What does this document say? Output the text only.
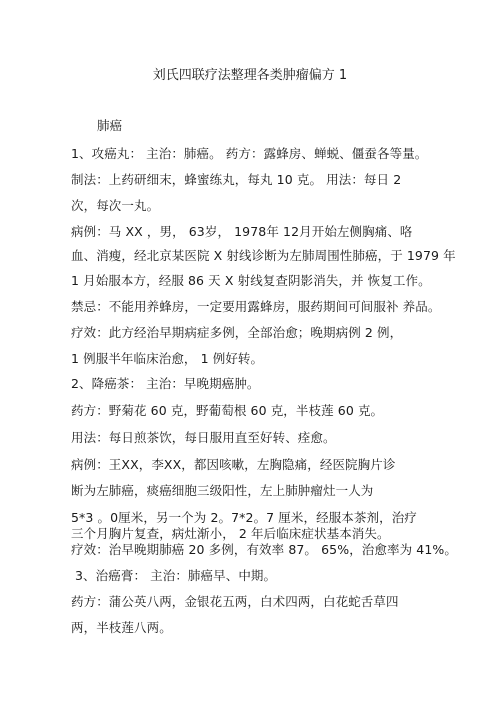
刘氏四联疗法整理各类肿瘤偏方 1
肺癌
1、攻癌丸： 主治：肺癌。 药方：露蜂房、蝉蜕、僵蚕各等量。
制法：上药研细末，蜂蜜练丸，每丸 10 克。 用法：每日 2
次，每次一丸。
病例：马 XX ，男， 63岁， 1978年 12月开始左侧胸痛、咯
血、消瘦，经北京某医院 X 射线诊断为左肺周围性肺癌，于 1979 年
1 月始服本方，经服 86 天 X 射线复查阴影消失，并 恢复工作。
禁忌：不能用养蜂房，一定要用露蜂房，服药期间可间服补 养品。
疗效：此方经治早期病症多例，全部治愈；晚期病例 2 例，
1 例服半年临床治愈， 1 例好转。
2、降癌茶： 主治：早晚期癌肿。
药方：野菊花 60 克，野葡萄根 60 克，半枝莲 60 克。
用法：每日煎茶饮，每日服用直至好转、痊愈。
病例：王XX，李XX，都因咳嗽，左胸隐痛，经医院胸片诊
断为左肺癌，痰癌细胞三级阳性，左上肺肿瘤灶一人为
5*3 。0厘米，另一个为 2。7*2。7 厘米，经服本茶剂，治疗
三个月胸片复查，病灶渐小， 2 年后临床症状基本消失。
疗效：治早晚期肺癌 20 多例，有效率 87。 65%，治愈率为 41%。
3、治癌膏： 主治：肺癌早、中期。
药方：蒲公英八两，金银花五两，白术四两，白花蛇舌草四
两，半枝莲八两。
